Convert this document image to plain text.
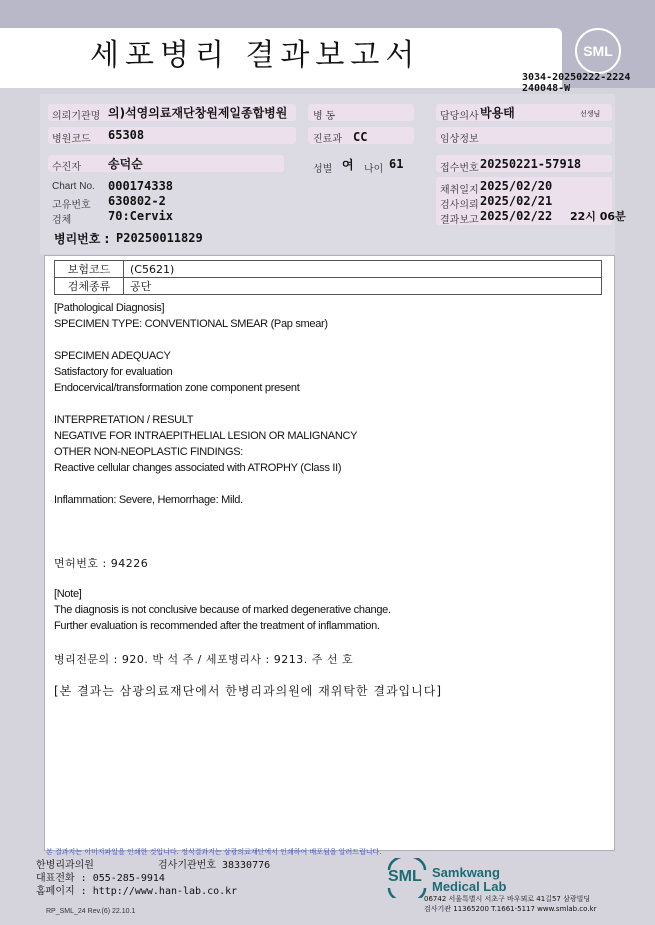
세포병리 결과보고서	SML
3034-20250222-2224
240048-W
의뢰기관명 의)석영의료재단창원제일종합병원	병 동	담당의사 박용태	선생님
병원코드 65308	진료과 CC	임상정보
수진자 송덕순	성별 여 나이 61	접수번호 20250221-57918
Chart No. 000174338
고유번호 630802-2
검체	70:Cervix
채취일지 2025/02/20
검사의뢰 2025/02/21
결과보고 2025/02/22 22시 06분
병리번호 : P20250011829
보험코드	(C5621)
검체종류	공단
[Pathological Diagnosis]
SPECIMEN TYPE: CONVENTIONAL SMEAR (Pap smear)
SPECIMEN ADEQUACY
Satisfactory for evaluation
Endocervical/transformation zone component present
INTERPRETATION / RESULT
NEGATIVE FOR INTRAEPITHELIAL LESION OR MALIGNANCY
OTHER NON-NEOPLASTIC FINDINGS:
Reactive cellular changes associated with ATROPHY (Class II)
Inflammation: Severe, Hemorrhage: Mild.
면허번호 : 94226
[Note]
The diagnosis is not conclusive because of marked degenerative change.
Further evaluation is recommended after the treatment of inflammation.
병리전문의 : 920. 박 석 주 / 세포병리사 : 9213. 주 선 호
[본 결과는 삼광의료재단에서 한병리과의원에 재위탁한 결과입니다]
본 결과지는 이미지파일을 인쇄한 것입니다. 정식결과지는 삼광의료재단에서 인쇄하여 배포됨을 알려드립니다.
한병리과의원	검사기관번호 38330776
대표전화 : 055-285-9914
홈페이지 : http://www.han-lab.co.kr
SML Samkwang
Medical Lab
06742 서울특별시 서초구 바우뫼로 41길57 삼광빌딩
검사기관 11365200 T.1661-5117 www.smlab.co.kr
RP_SML_24 Rev.(6) 22.10.1
